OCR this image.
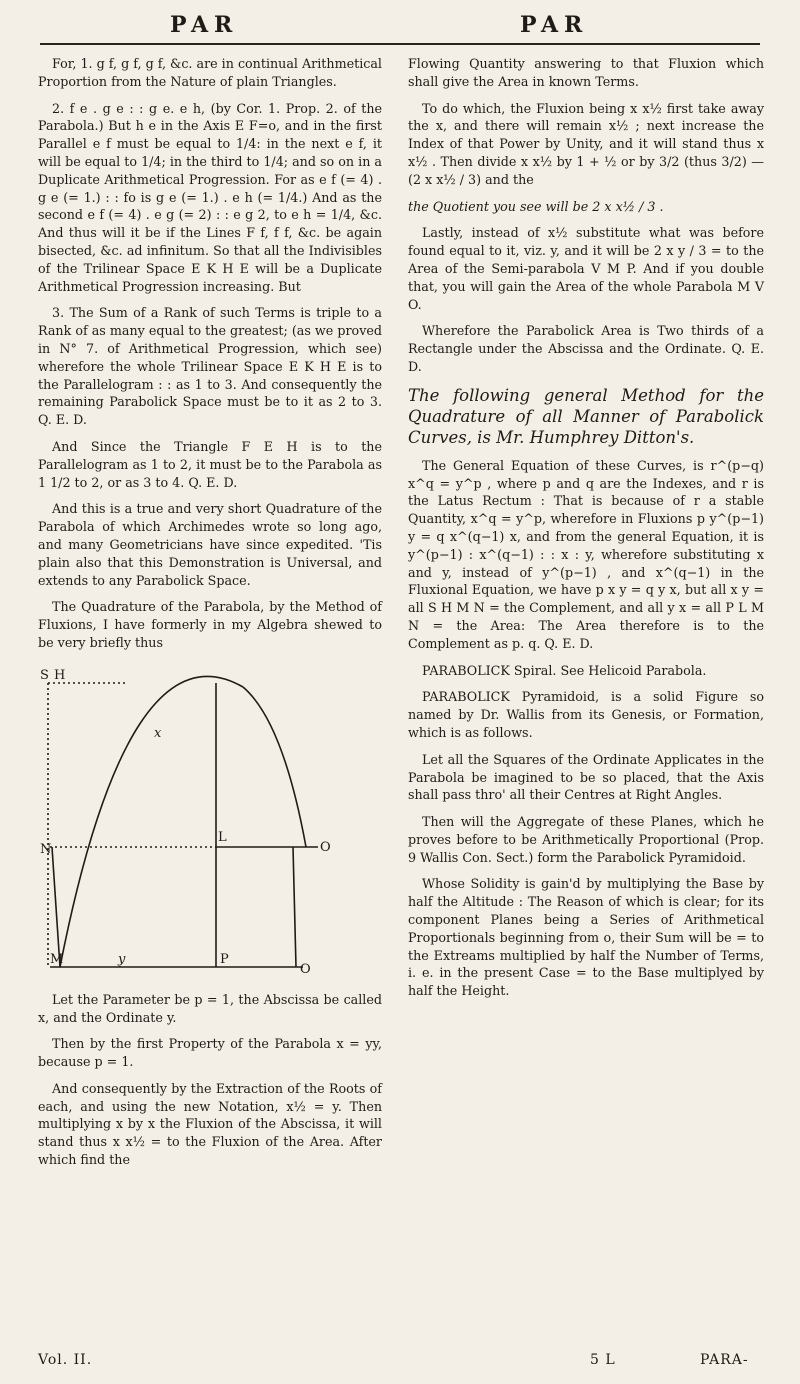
PAR	PAR

For, 1. g f, g f, g f, &c. are in continual Arithmetical Proportion from the Nature of plain Triangles.

2. f e . g e : : g e. e h, (by Cor. 1. Prop. 2. of the Parabola.) But h e in the Axis E F=o, and in the first Parallel e f must be equal to 1/4: in the next e f, it will be equal to 1/4; in the third to 1/4; and so on in a Duplicate Arithmetical Progression. For as e f (= 4) . g e (= 1.) : : fo is g e (= 1.) . e h (= 1/4.) And as the second e f (= 4) . e g (= 2) : : e g 2, to e h = 1/4, &c. And thus will it be if the Lines F f, f f, &c. be again bisected, &c. ad infinitum. So that all the Indivisibles of the Trilinear Space E K H E will be a Duplicate Arithmetical Progression increasing. But

3. The Sum of a Rank of such Terms is triple to a Rank of as many equal to the greatest; (as we proved in N° 7. of Arithmetical Progression, which see) wherefore the whole Trilinear Space E K H E is to the Parallelogram : : as 1 to 3. And consequently the remaining Parabolick Space must be to it as 2 to 3. Q. E. D.

And Since the Triangle F E H is to the Parallelogram as 1 to 2, it must be to the Parabola as 1 1/2 to 2, or as 3 to 4. Q. E. D.

And this is a true and very short Quadrature of the Parabola of which Archimedes wrote so long ago, and many Geometricians have since expedited. 'Tis plain also that this Demonstration is Universal, and extends to any Parabolick Space.

The Quadrature of the Parabola, by the Method of Fluxions, I have formerly in my Algebra shewed to be very briefly thus

S H
x
N
L
O
M	y	P
O

Let the Parameter be p = 1, the Abscissa be called x, and the Ordinate y.

Then by the first Property of the Parabola x = yy, because p = 1.

And consequently by the Extraction of the Roots of each, and using the new Notation, x½ = y. Then multiplying x by x the Fluxion of the Abscissa, it will stand thus x x½ = to the Fluxion of the Area. After which find the

Vol. II.

Flowing Quantity answering to that Fluxion which shall give the Area in known Terms.

To do which, the Fluxion being x x½ first take away the x, and there will remain x½ ; next increase the Index of that Power by Unity, and it will stand thus x x½ . Then divide x x½ by 1 + ½ or by 3/2 (thus 3/2) — (2 x x½ / 3) and the

the Quotient you see will be 2 x x½ / 3 .

Lastly, instead of x½ substitute what was before found equal to it, viz. y, and it will be 2 x y / 3 = to the Area of the Semi-parabola V M P. And if you double that, you will gain the Area of the whole Parabola M V O.

Wherefore the Parabolick Area is Two thirds of a Rectangle under the Abscissa and the Ordinate. Q. E. D.

The following general Method for the Quadrature of all Manner of Parabolick Curves, is Mr. Humphrey Ditton's.

The General Equation of these Curves, is r^(p−q) x^q = y^p , where p and q are the Indexes, and r is the Latus Rectum : That is because of r a stable Quantity, x^q = y^p, wherefore in Fluxions p y^(p−1) y = q x^(q−1) x, and from the general Equation, it is y^(p−1) : x^(q−1) : : x : y, wherefore substituting x and y, instead of y^(p−1) , and x^(q−1) in the Fluxional Equation, we have p x y = q y x, but all x y = all S H M N = the Complement, and all y x = all P L M N = the Area: The Area therefore is to the Complement as p. q. Q. E. D.

PARABOLICK Spiral. See Helicoid Parabola.

PARABOLICK Pyramidoid, is a solid Figure so named by Dr. Wallis from its Genesis, or Formation, which is as follows.

Let all the Squares of the Ordinate Applicates in the Parabola be imagined to be so placed, that the Axis shall pass thro' all their Centres at Right Angles.

Then will the Aggregate of these Planes, which he proves before to be Arithmetically Proportional (Prop. 9 Wallis Con. Sect.) form the Parabolick Pyramidoid.

Whose Solidity is gain'd by multiplying the Base by half the Altitude : The Reason of which is clear; for its component Planes being a Series of Arithmetical Proportionals beginning from o, their Sum will be = to the Extreams multiplied by half the Number of Terms, i. e. in the present Case = to the Base multiplyed by half the Height.

5 L	PARA-
